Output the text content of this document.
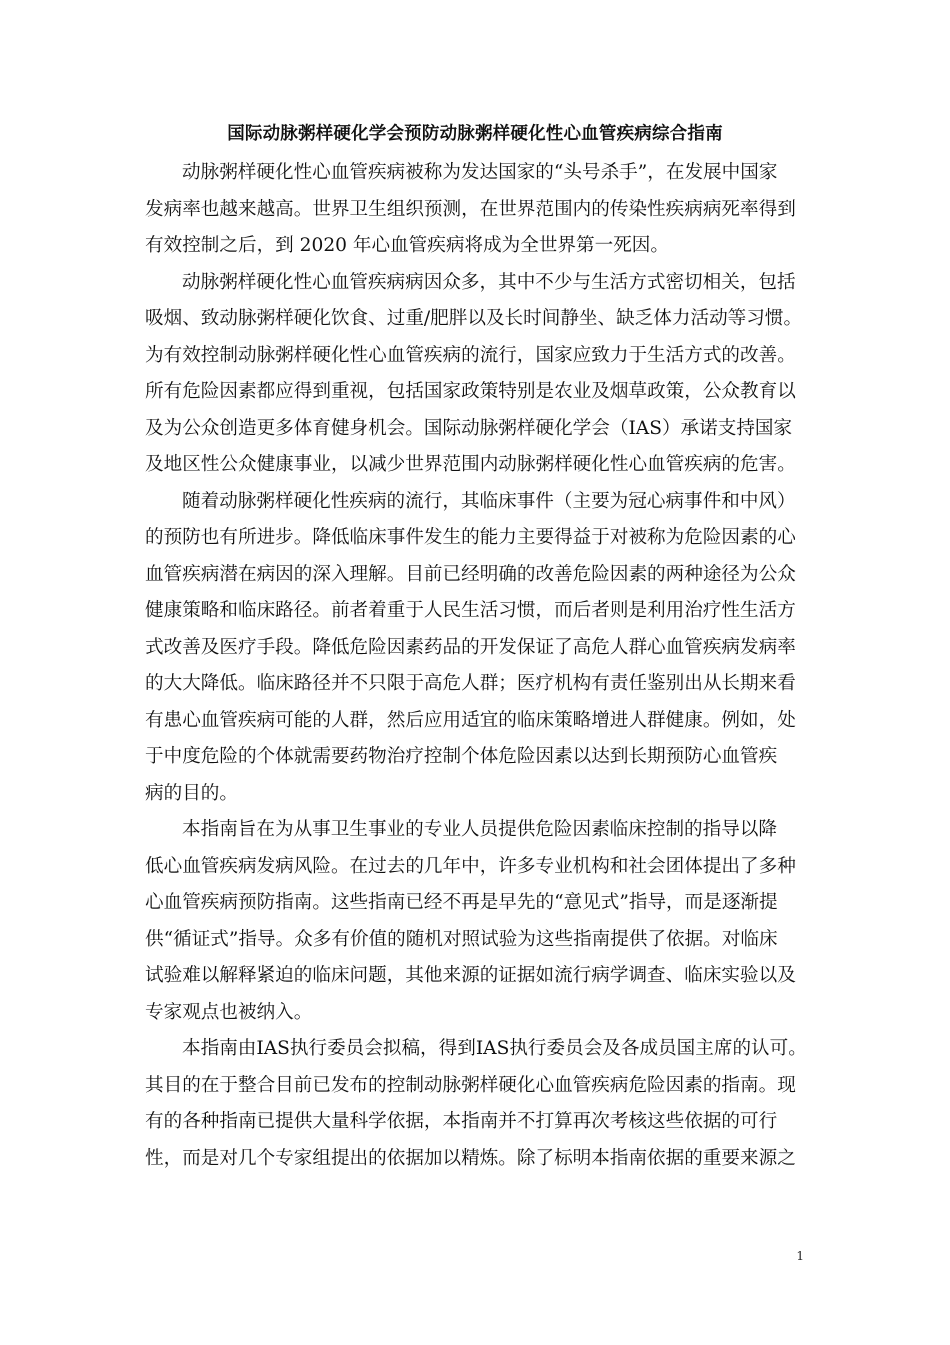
国际动脉粥样硬化学会预防动脉粥样硬化性心血管疾病综合指南
动脉粥样硬化性心血管疾病被称为发达国家的“头号杀手”，在发展中国家
发病率也越来越高。世界卫生组织预测，在世界范围内的传染性疾病病死率得到
有效控制之后，到 2020 年心血管疾病将成为全世界第一死因。
动脉粥样硬化性心血管疾病病因众多，其中不少与生活方式密切相关，包括
吸烟、致动脉粥样硬化饮食、过重/肥胖以及长时间静坐、缺乏体力活动等习惯。
为有效控制动脉粥样硬化性心血管疾病的流行，国家应致力于生活方式的改善。
所有危险因素都应得到重视，包括国家政策特别是农业及烟草政策，公众教育以
及为公众创造更多体育健身机会。国际动脉粥样硬化学会（IAS）承诺支持国家
及地区性公众健康事业，以减少世界范围内动脉粥样硬化性心血管疾病的危害。
随着动脉粥样硬化性疾病的流行，其临床事件（主要为冠心病事件和中风）
的预防也有所进步。降低临床事件发生的能力主要得益于对被称为危险因素的心
血管疾病潜在病因的深入理解。目前已经明确的改善危险因素的两种途径为公众
健康策略和临床路径。前者着重于人民生活习惯，而后者则是利用治疗性生活方
式改善及医疗手段。降低危险因素药品的开发保证了高危人群心血管疾病发病率
的大大降低。临床路径并不只限于高危人群；医疗机构有责任鉴别出从长期来看
有患心血管疾病可能的人群，然后应用适宜的临床策略增进人群健康。例如，处
于中度危险的个体就需要药物治疗控制个体危险因素以达到长期预防心血管疾
病的目的。
本指南旨在为从事卫生事业的专业人员提供危险因素临床控制的指导以降
低心血管疾病发病风险。在过去的几年中，许多专业机构和社会团体提出了多种
心血管疾病预防指南。这些指南已经不再是早先的“意见式”指导，而是逐渐提
供“循证式”指导。众多有价值的随机对照试验为这些指南提供了依据。对临床
试验难以解释紧迫的临床问题，其他来源的证据如流行病学调查、临床实验以及
专家观点也被纳入。
本指南由IAS执行委员会拟稿，得到IAS执行委员会及各成员国主席的认可。
其目的在于整合目前已发布的控制动脉粥样硬化心血管疾病危险因素的指南。现
有的各种指南已提供大量科学依据，本指南并不打算再次考核这些依据的可行
性，而是对几个专家组提出的依据加以精炼。除了标明本指南依据的重要来源之
1
